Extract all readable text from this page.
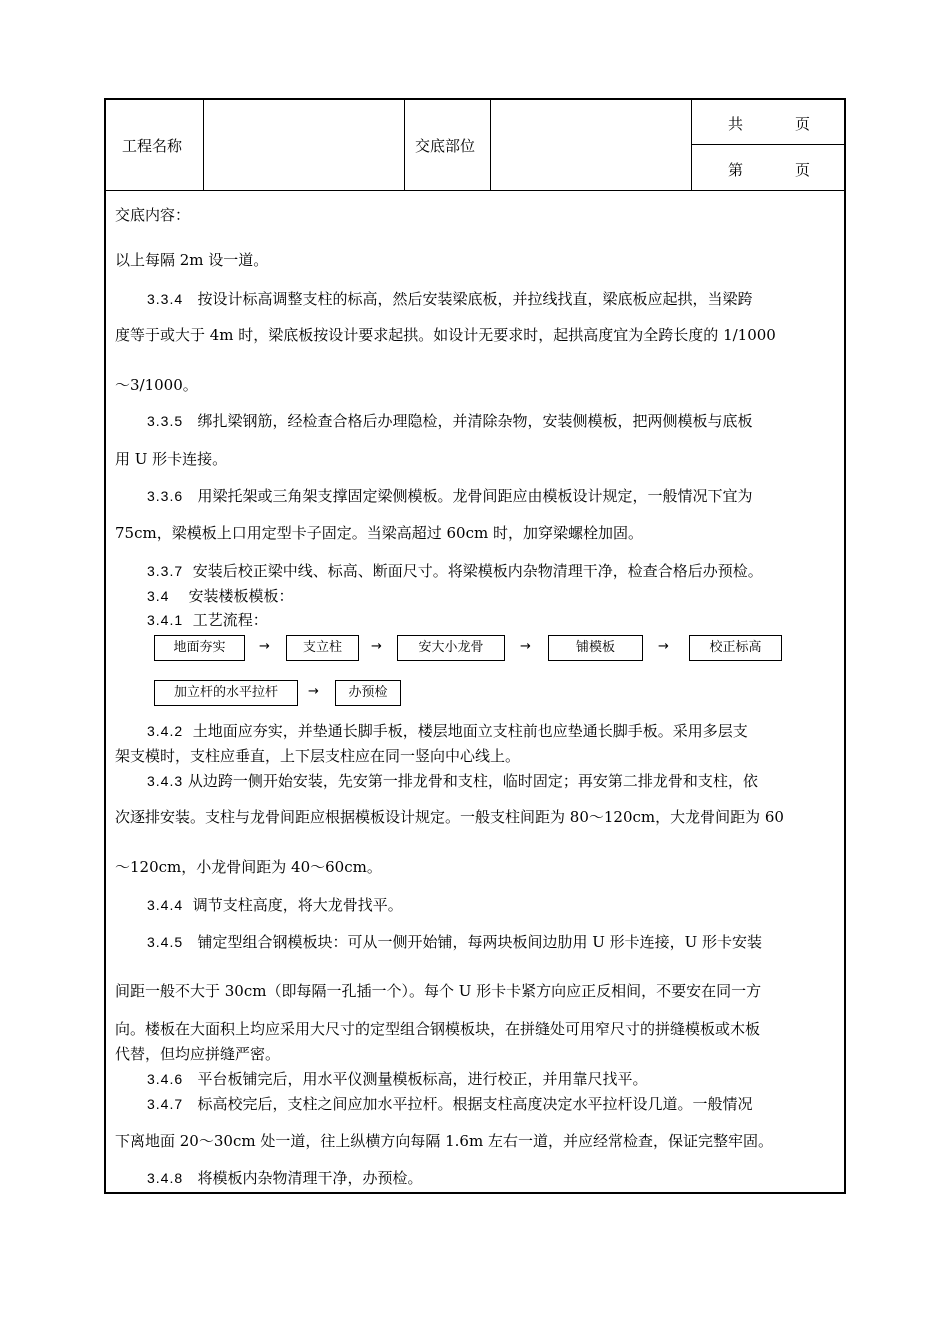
工程名称	交底部位
共	页
第	页
交底内容：
以上每隔 2m 设一道。
3.3.4 按设计标高调整支柱的标高，然后安装梁底板，并拉线找直，梁底板应起拱，当梁跨
度等于或大于 4m 时，梁底板按设计要求起拱。如设计无要求时，起拱高度宜为全跨长度的 1/1000
～3/1000。
3.3.5 绑扎梁钢筋，经检查合格后办理隐检，并清除杂物，安装侧模板，把两侧模板与底板
用 U 形卡连接。
3.3.6 用梁托架或三角架支撑固定梁侧模板。龙骨间距应由模板设计规定，一般情况下宜为
75cm，梁模板上口用定型卡子固定。当梁高超过 60cm 时，加穿梁螺栓加固。
3.3.7 安装后校正梁中线、标高、断面尺寸。将梁模板内杂物清理干净，检查合格后办预检。
3.4 安装楼板模板：
3.4.1 工艺流程：
地面夯实	→	支立柱	→	安大小龙骨	→	铺模板	→	校正标高
加立杆的水平拉杆	→	办预检
3.4.2 土地面应夯实，并垫通长脚手板，楼层地面立支柱前也应垫通长脚手板。采用多层支
架支模时，支柱应垂直，上下层支柱应在同一竖向中心线上。
3.4.3 从边跨一侧开始安装，先安第一排龙骨和支柱，临时固定；再安第二排龙骨和支柱，依
次逐排安装。支柱与龙骨间距应根据模板设计规定。一般支柱间距为 80～120cm，大龙骨间距为 60
～120cm，小龙骨间距为 40～60cm。
3.4.4 调节支柱高度，将大龙骨找平。
3.4.5 铺定型组合钢模板块：可从一侧开始铺，每两块板间边肋用 U 形卡连接，U 形卡安装
间距一般不大于 30cm（即每隔一孔插一个）。每个 U 形卡卡紧方向应正反相间，不要安在同一方
向。楼板在大面积上均应采用大尺寸的定型组合钢模板块，在拼缝处可用窄尺寸的拼缝模板或木板
代替，但均应拼缝严密。
3.4.6 平台板铺完后，用水平仪测量模板标高，进行校正，并用靠尺找平。
3.4.7 标高校完后，支柱之间应加水平拉杆。根据支柱高度决定水平拉杆设几道。一般情况
下离地面 20～30cm 处一道，往上纵横方向每隔 1.6m 左右一道，并应经常检查，保证完整牢固。
3.4.8 将模板内杂物清理干净，办预检。
